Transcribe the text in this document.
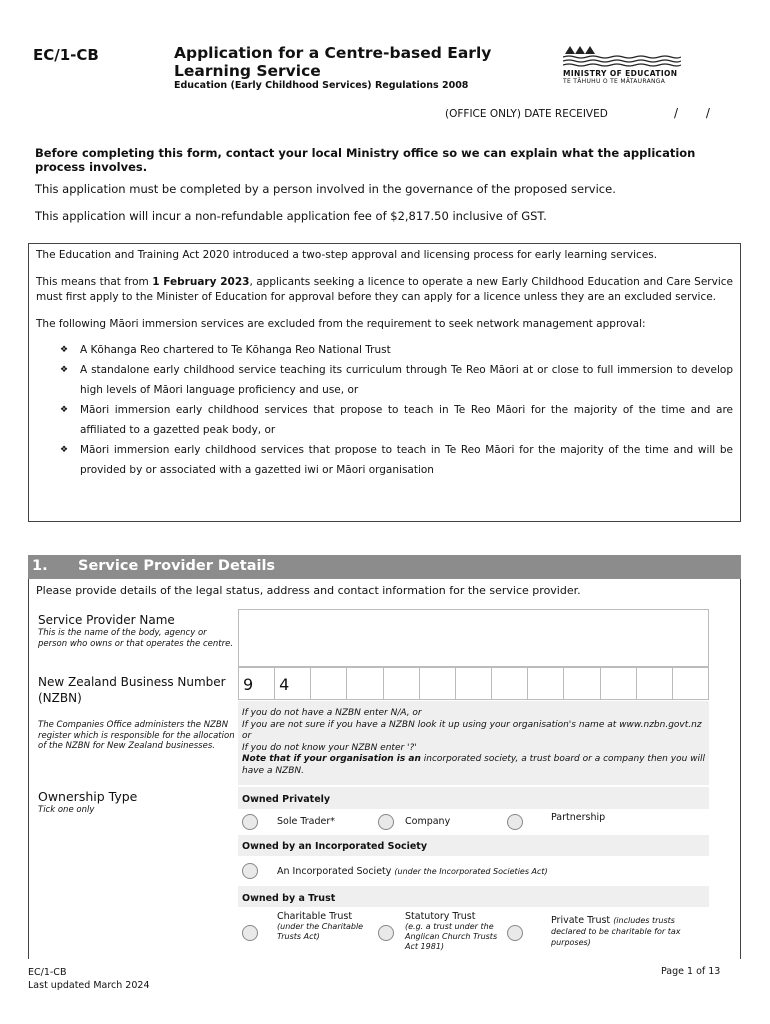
EC/1-CB	Application for a Centre-based Early Learning Service
Education (Early Childhood Services) Regulations 2008
MINISTRY OF EDUCATION
TE TĀHUHU O TE MĀTAURANGA
(OFFICE ONLY) DATE RECEIVED	/ /
Before completing this form, contact your local Ministry office so we can explain what the application process involves.
This application must be completed by a person involved in the governance of the proposed service.
This application will incur a non-refundable application fee of $2,817.50 inclusive of GST.

The Education and Training Act 2020 introduced a two-step approval and licensing process for early learning services.

This means that from 1 February 2023, applicants seeking a licence to operate a new Early Childhood Education and Care Service must first apply to the Minister of Education for approval before they can apply for a licence unless they are an excluded service.

The following Māori immersion services are excluded from the requirement to seek network management approval:

❖ A Kōhanga Reo chartered to Te Kōhanga Reo National Trust
❖ A standalone early childhood service teaching its curriculum through Te Reo Māori at or close to full immersion to develop high levels of Māori language proficiency and use, or
❖ Māori immersion early childhood services that propose to teach in Te Reo Māori for the majority of the time and are affiliated to a gazetted peak body, or
❖ Māori immersion early childhood services that propose to teach in Te Reo Māori for the majority of the time and will be provided by or associated with a gazetted iwi or Māori organisation
1. Service Provider Details
Please provide details of the legal status, address and contact information for the service provider.
Service Provider Name
This is the name of the body, agency or person who owns or that operates the centre.
New Zealand Business Number (NZBN)
The Companies Office administers the NZBN register which is responsible for the allocation of the NZBN for New Zealand businesses.
9	4
If you do not have a NZBN enter N/A, or
If you are not sure if you have a NZBN look it up using your organisation's name at www.nzbn.govt.nz or
If you do not know your NZBN enter '?'
Note that if your organisation is an incorporated society, a trust board or a company then you will have a NZBN.
Ownership Type
Tick one only
Owned Privately
Sole Trader*	Company	Partnership
Owned by an Incorporated Society
An Incorporated Society (under the Incorporated Societies Act)
Owned by a Trust
Charitable Trust
(under the Charitable Trusts Act)
Statutory Trust
(e.g. a trust under the Anglican Church Trusts Act 1981)
Private Trust (includes trusts declared to be charitable for tax purposes)
EC/1-CB
Last updated March 2024
Page 1 of 13
